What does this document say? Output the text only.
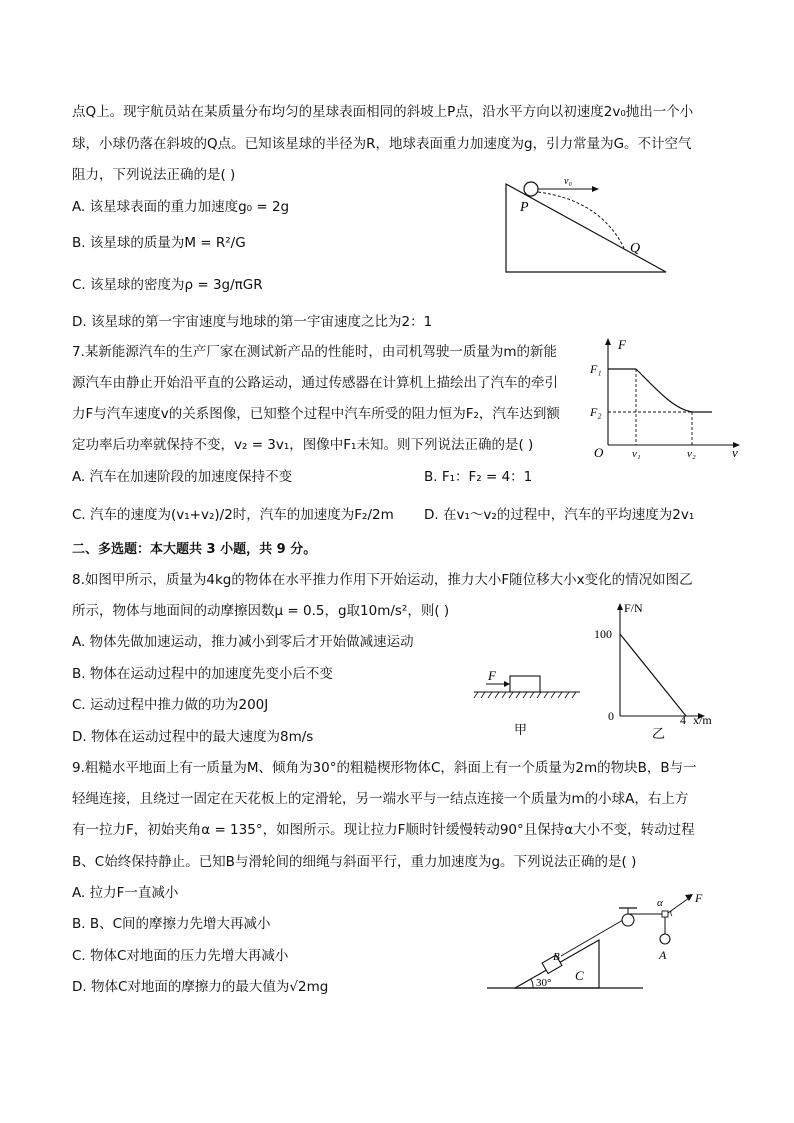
点Q上。现宇航员站在某质量分布均匀的星球表面相同的斜坡上P点，沿水平方向以初速度2v₀抛出一个小
球，小球仍落在斜坡的Q点。已知该星球的半径为R，地球表面重力加速度为g，引力常量为G。不计空气
阻力，下列说法正确的是( )
A. 该星球表面的重力加速度g₀ = 2g
B. 该星球的质量为M = R²/G
C. 该星球的密度为ρ = 3g/πGR
D. 该星球的第一宇宙速度与地球的第一宇宙速度之比为2：1
v₀
P
Q
7.某新能源汽车的生产厂家在测试新产品的性能时，由司机驾驶一质量为m的新能
源汽车由静止开始沿平直的公路运动，通过传感器在计算机上描绘出了汽车的牵引
力F与汽车速度v的关系图像，已知整个过程中汽车所受的阻力恒为F₂，汽车达到额
定功率后功率就保持不变，v₂ = 3v₁，图像中F₁未知。则下列说法正确的是( )
A. 汽车在加速阶段的加速度保持不变	B. F₁：F₂ = 4：1
C. 汽车的速度为(v₁+v₂)/2时，汽车的加速度为F₂/2m D. 在v₁～v₂的过程中，汽车的平均速度为2v₁
F
v
O
F₁
F₂
v₁	v₂
二、多选题：本大题共 3 小题，共 9 分。
8.如图甲所示，质量为4kg的物体在水平推力作用下开始运动，推力大小F随位移大小x变化的情况如图乙
所示，物体与地面间的动摩擦因数μ = 0.5，g取10m/s²，则( )
A. 物体先做加速运动，推力减小到零后才开始做减速运动
B. 物体在运动过程中的加速度先变小后不变
C. 运动过程中推力做的功为200J
D. 物体在运动过程中的最大速度为8m/s
F
甲
F/N
100
0	4 x/m
乙
9.粗糙水平地面上有一质量为M、倾角为30°的粗糙楔形物体C，斜面上有一个质量为2m的物块B，B与一
轻绳连接，且绕过一固定在天花板上的定滑轮，另一端水平与一结点连接一个质量为m的小球A，右上方
有一拉力F，初始夹角α = 135°，如图所示。现让拉力F顺时针缓慢转动90°且保持α大小不变，转动过程
B、C始终保持静止。已知B与滑轮间的细绳与斜面平行，重力加速度为g。下列说法正确的是( )
A. 拉力F一直减小
B. B、C间的摩擦力先增大再减小
C. 物体C对地面的压力先增大再减小
D. 物体C对地面的摩擦力的最大值为√2mg
B
C
A
F
α
30°
